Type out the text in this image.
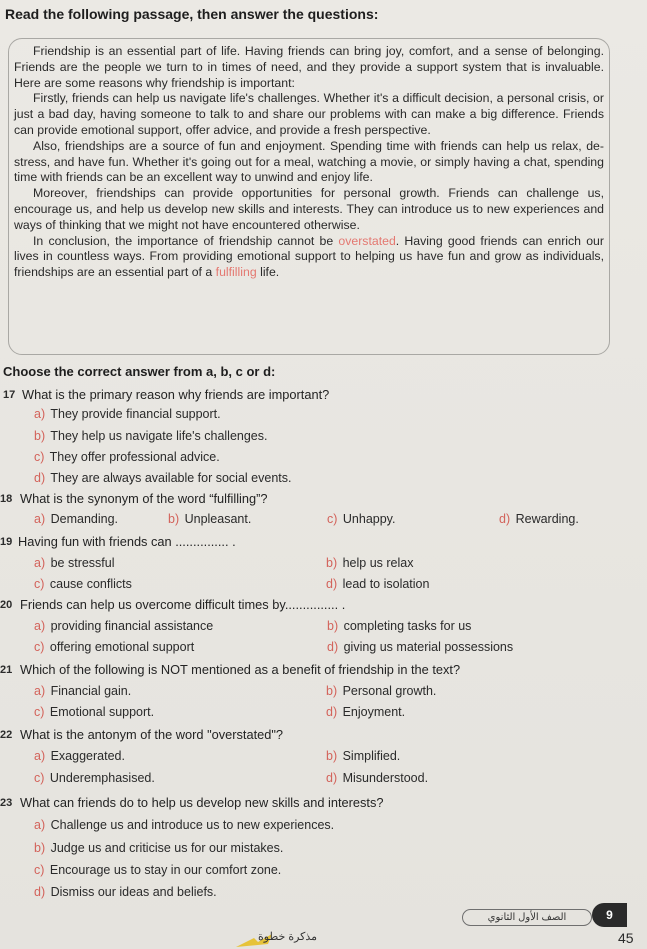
Read the following passage, then answer the questions:

Friendship is an essential part of life. Having friends can bring joy, comfort, and a sense of belonging. Friends are the people we turn to in times of need, and they provide a support system that is invaluable. Here are some reasons why friendship is important:

Firstly, friends can help us navigate life's challenges. Whether it's a difficult decision, a personal crisis, or just a bad day, having someone to talk to and share our problems with can make a big difference. Friends can provide emotional support, offer advice, and provide a fresh perspective.

Also, friendships are a source of fun and enjoyment. Spending time with friends can help us relax, de-stress, and have fun. Whether it's going out for a meal, watching a movie, or simply having a chat, spending time with friends can be an excellent way to unwind and enjoy life.

Moreover, friendships can provide opportunities for personal growth. Friends can challenge us, encourage us, and help us develop new skills and interests. They can introduce us to new experiences and ways of thinking that we might not have encountered otherwise.

In conclusion, the importance of friendship cannot be overstated. Having good friends can enrich our lives in countless ways. From providing emotional support to helping us have fun and grow as individuals, friendships are an essential part of a fulfilling life.

Choose the correct answer from a, b, c or d:
17 What is the primary reason why friends are important?
a) They provide financial support.
b) They help us navigate life's challenges.
c) They offer professional advice.
d) They are always available for social events.
18 What is the synonym of the word “fulfilling”?
a) Demanding.	b) Unpleasant.	c) Unhappy.	d) Rewarding.
19 Having fun with friends can ............... .
a) be stressful	b) help us relax
c) cause conflicts	d) lead to isolation
20 Friends can help us overcome difficult times by............... .
a) providing financial assistance	b) completing tasks for us
c) offering emotional support	d) giving us material possessions
21 Which of the following is NOT mentioned as a benefit of friendship in the text?
a) Financial gain.	b) Personal growth.
c) Emotional support.	d) Enjoyment.
22 What is the antonym of the word "overstated"?
a) Exaggerated.	b) Simplified.
c) Underemphasised.	d) Misunderstood.
23 What can friends do to help us develop new skills and interests?
a) Challenge us and introduce us to new experiences.
b) Judge us and criticise us for our mistakes.
c) Encourage us to stay in our comfort zone.
d) Dismiss our ideas and beliefs.
الصف الأول الثانوي	9
مذكرة خطوة	45
